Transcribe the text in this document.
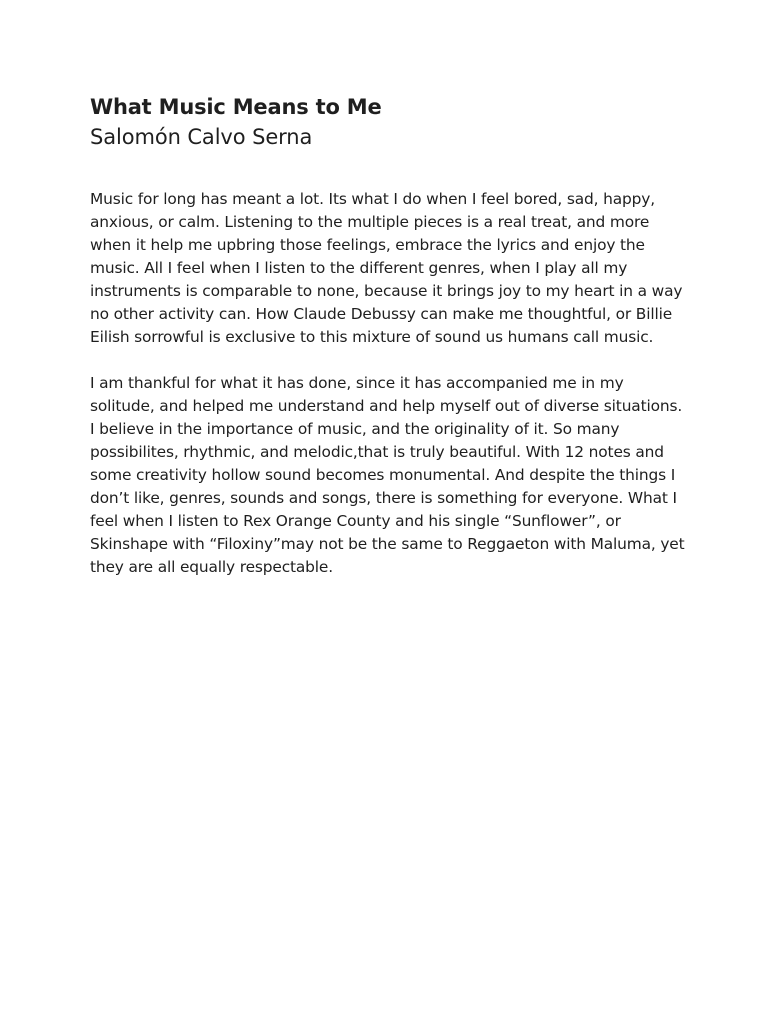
What Music Means to Me
Salomón Calvo Serna

Music for long has meant a lot. Its what I do when I feel bored, sad, happy, anxious, or calm. Listening to the multiple pieces is a real treat, and more when it help me upbring those feelings, embrace the lyrics and enjoy the music. All I feel when I listen to the different genres, when I play all my instruments is comparable to none, because it brings joy to my heart in a way no other activity can. How Claude Debussy can make me thoughtful, or Billie Eilish sorrowful is exclusive to this mixture of sound us humans call music.

I am thankful for what it has done, since it has accompanied me in my solitude, and helped me understand and help myself out of diverse situations. I believe in the importance of music, and the originality of it. So many possibilites, rhythmic, and melodic,that is truly beautiful. With 12 notes and some creativity hollow sound becomes monumental. And despite the things I don’t like, genres, sounds and songs, there is something for everyone. What I feel when I listen to Rex Orange County and his single “Sunflower”, or Skinshape with “Filoxiny”may not be the same to Reggaeton with Maluma, yet they are all equally respectable.
